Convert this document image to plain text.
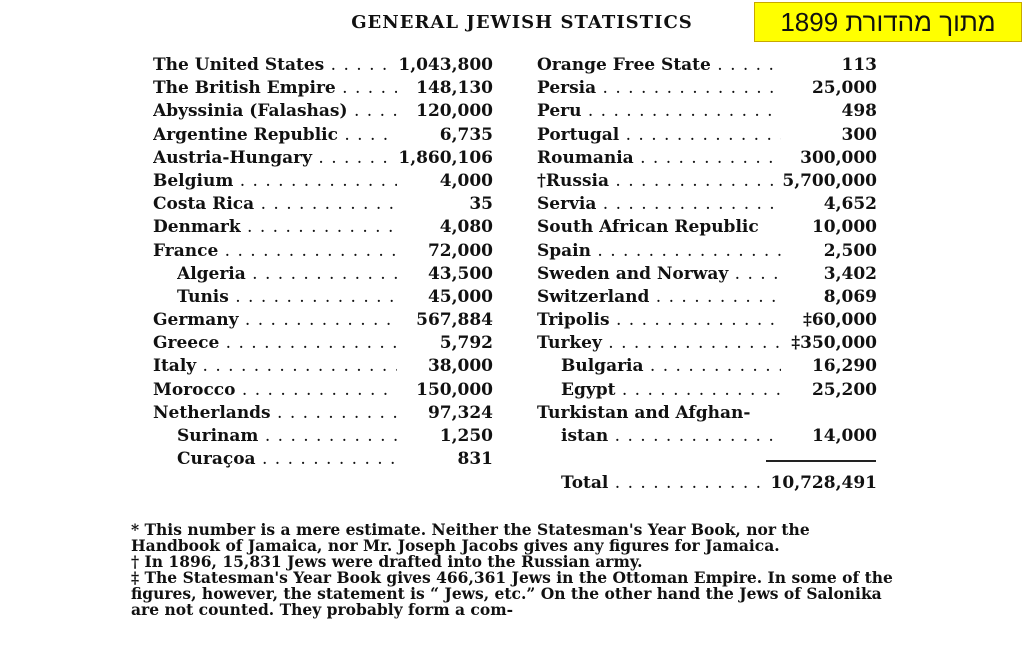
GENERAL JEWISH STATISTICS	מתוך מהדורת 1899
The United States . . .	1,043,800
The British Empire . . .	148,130
Abyssinia (Falashas) . . .	120,000
Argentine Republic . . .	6,735
Austria-Hungary . . .	1,860,106
Belgium . . .	4,000
Costa Rica . . .	35
Denmark . . .	4,080
France . . .	72,000
Algeria . . .	43,500
Tunis . . .	45,000
Germany . . .	567,884
Greece . . .	5,792
Italy . . .	38,000
Morocco . . .	150,000
Netherlands . . .	97,324
Surinam . . .	1,250
Curaçoa . . .	831
Orange Free State . . .	113
Persia . . .	25,000
Peru . . .	498
Portugal . . .	300
Roumania . . .	300,000
†Russia . . .	5,700,000
Servia . . .	4,652
South African Republic	10,000
Spain . . .	2,500
Sweden and Norway . . .	3,402
Switzerland . . .	8,069
Tripolis . . .	‡60,000
Turkey . . .	‡350,000
Bulgaria . . .	16,290
Egypt . . .	25,200
Turkistan and Afghan-
istan . . .	14,000
Total . . .	10,728,491

* This number is a mere estimate. Neither the Statesman's Year Book, nor the Handbook of Jamaica, nor Mr. Joseph Jacobs gives any figures for Jamaica.

† In 1896, 15,831 Jews were drafted into the Russian army.

‡ The Statesman's Year Book gives 466,361 Jews in the Ottoman Empire. In some of the figures, however, the statement is “ Jews, etc.” On the other hand the Jews of Salonika are not counted. They probably form a com-
